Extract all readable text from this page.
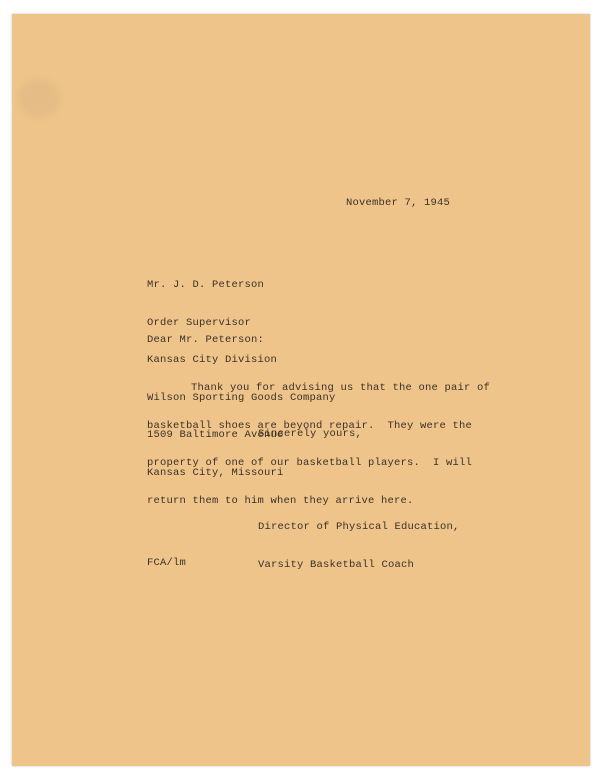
November 7, 1945

Mr. J. D. Peterson

Order Supervisor

Kansas City Division

Wilson Sporting Goods Company

1509 Baltimore Avenue

Kansas City, Missouri

Dear Mr. Peterson:

Thank you for advising us that the one pair of

basketball shoes are beyond repair.  They were the

property of one of our basketball players.  I will

return them to him when they arrive here.

Sincerely yours,

Director of Physical Education,

Varsity Basketball Coach

FCA/lm
